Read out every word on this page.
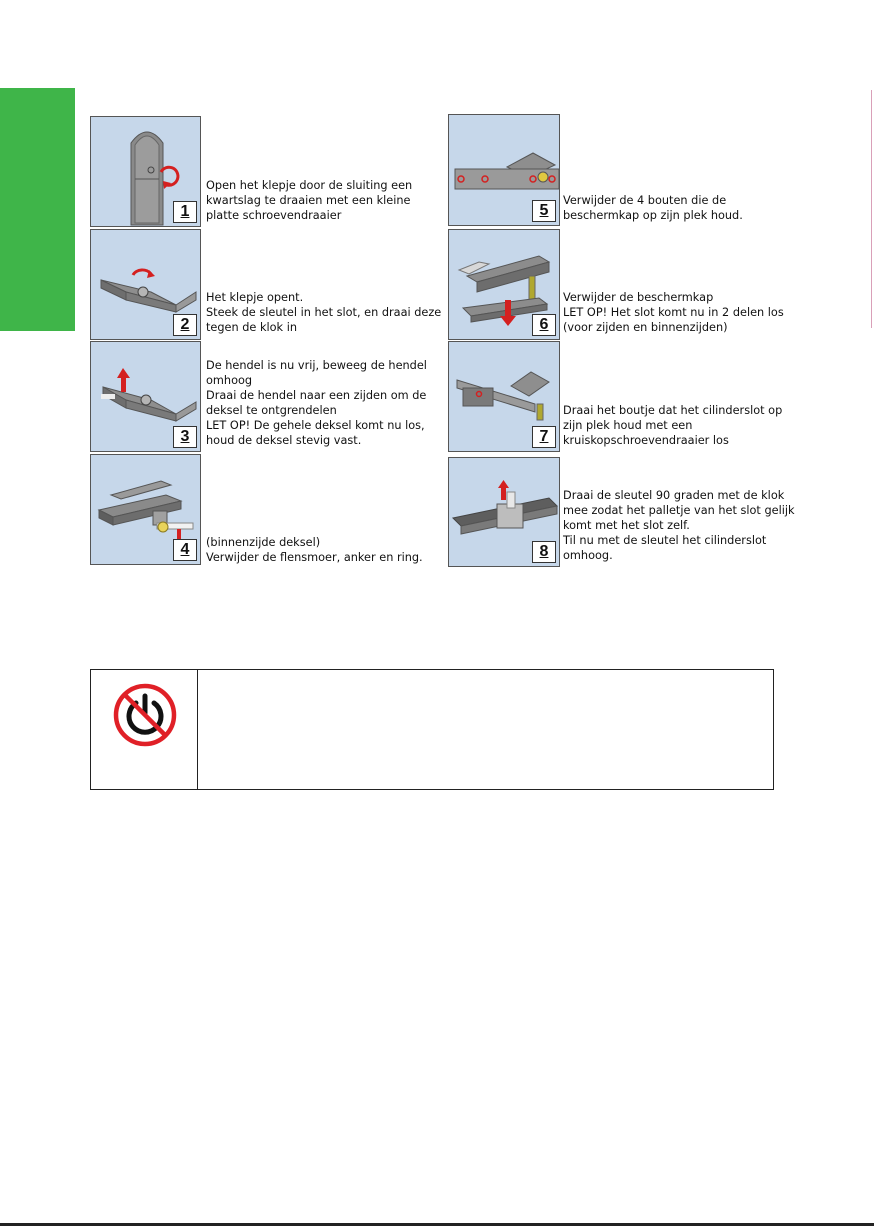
1
Open het klepje door de sluiting een
kwartslag te draaien met een kleine
platte schroevendraaier
2
Het klepje opent.
Steek de sleutel in het slot, en draai deze
tegen de klok in
3
De hendel is nu vrij, beweeg de hendel
omhoog
Draai de hendel naar een zijden om de
deksel te ontgrendelen
LET OP! De gehele deksel komt nu los,
houd de deksel stevig vast.
4	(binnenzijde deksel)
Verwijder de flensmoer, anker en ring.
5
Verwijder de 4 bouten die de
beschermkap op zijn plek houd.
6
Verwijder de beschermkap
LET OP! Het slot komt nu in 2 delen los
(voor zijden en binnenzijden)
7
Draai het boutje dat het cilinderslot op
zijn plek houd met een
kruiskopschroevendraaier los
8
Draai de sleutel 90 graden met de klok
mee zodat het palletje van het slot gelijk
komt met het slot zelf.
Til nu met de sleutel het cilinderslot
omhoog.
